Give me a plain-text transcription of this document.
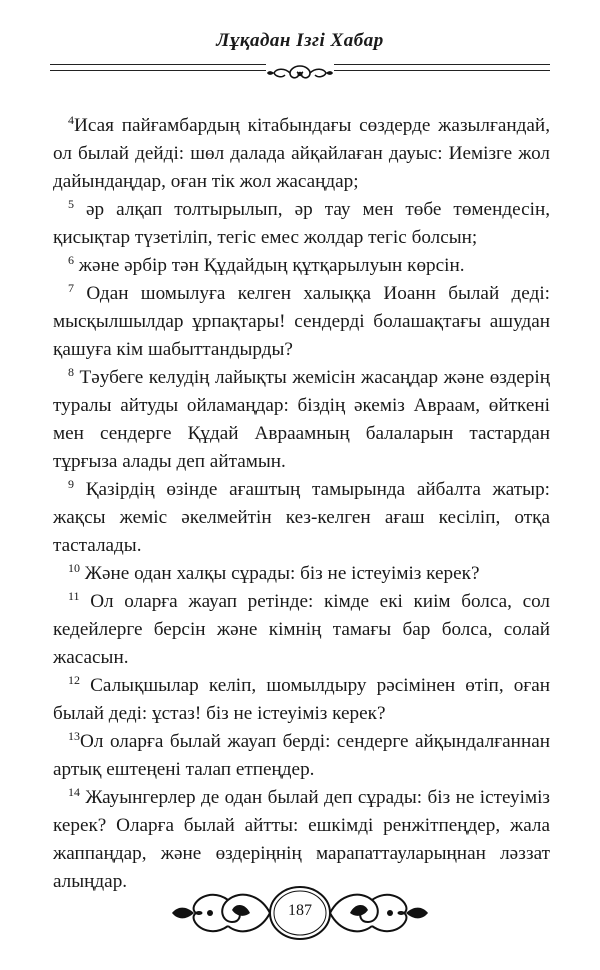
Лұқадан Ізгі Хабар

$^4$Исая пайғамбардың кітабындағы сөздерде жазылғандай, ол былай дейді: шөл далада айқайлаған дауыс: Иемізге жол дайындаңдар, оған тік жол жасаңдар;

$^5$ әр алқап толтырылып, әр тау мен төбе төмендесін, қисықтар түзетіліп, тегіс емес жолдар тегіс болсын;

$^6$ және әрбір тән Құдайдың құтқарылуын көрсін.

$^7$ Одан шомылуға келген халыққа Иоанн былай деді: мысқылшылдар ұрпақтары! сендерді болашақтағы ашудан қашуға кім шабыттандырды?

$^8$ Тәубеге келудің лайықты жемісін жасаңдар және өздерің туралы айтуды ойламаңдар: біздің әкеміз Авраам, өйткені мен сендерге Құдай Авраамның балаларын тастардан тұрғыза алады деп айтамын.

$^9$ Қазірдің өзінде ағаштың тамырында айбалта жатыр: жақсы жеміс әкелмейтін кез-келген ағаш кесіліп, отқа тасталады.

$^{10}$ Және одан халқы сұрады: біз не істеуіміз керек?

$^{11}$ Ол оларға жауап ретінде: кімде екі киім болса, сол кедейлерге берсін және кімнің тамағы бар болса, солай жасасын.

$^{12}$ Салықшылар келіп, шомылдыру рәсімінен өтіп, оған былай деді: ұстаз! біз не істеуіміз керек?

$^{13}$Ол оларға былай жауап берді: сендерге айқындалғаннан артық ештеңені талап етпеңдер.

$^{14}$ Жауынгерлер де одан былай деп сұрады: біз не істеуіміз керек? Оларға былай айтты: ешкімді ренжітпеңдер, жала жаппаңдар, және өздеріңнің марапаттауларыңнан ләззат алыңдар.

187
